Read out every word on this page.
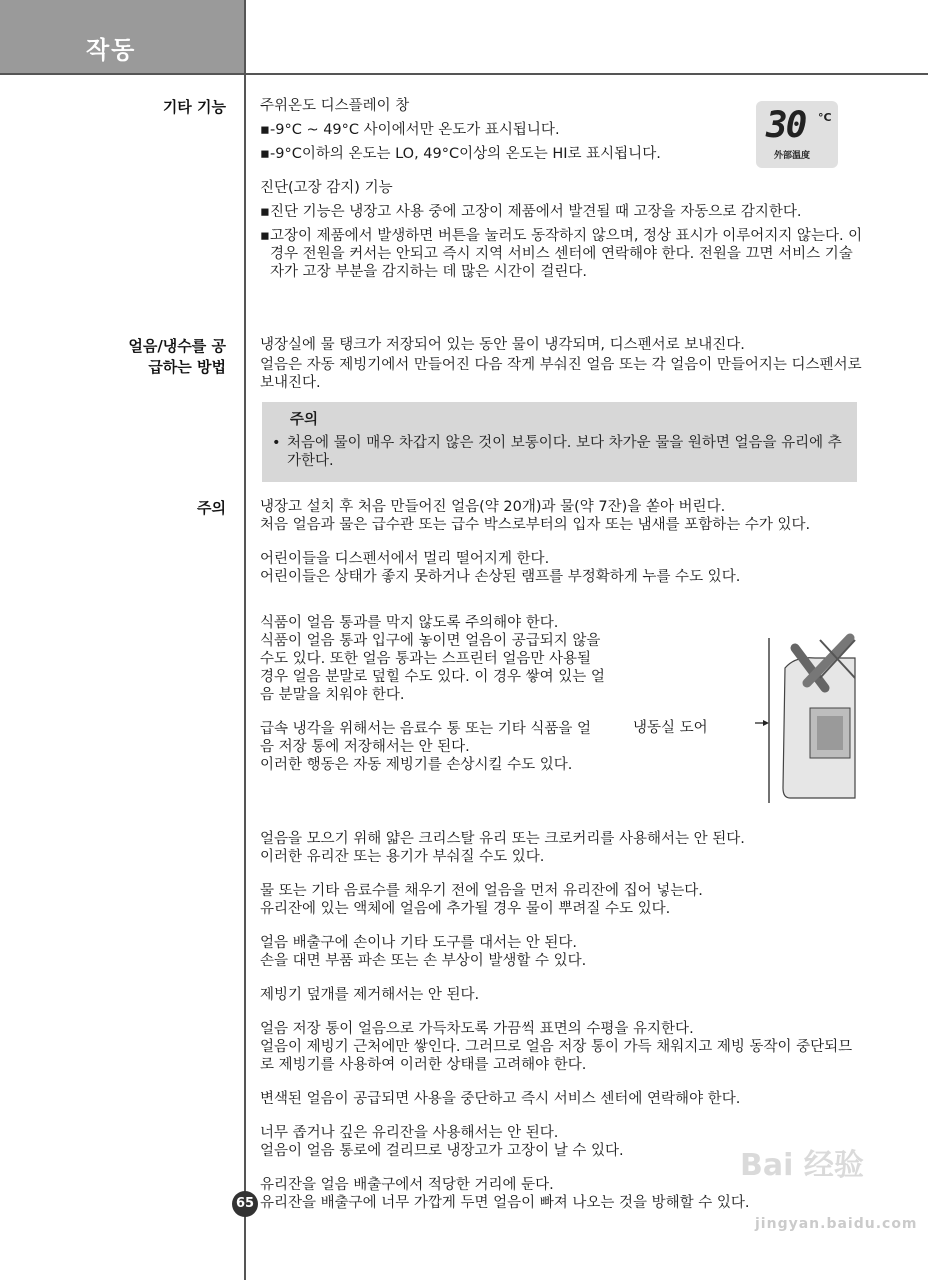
작동
기타 기능 주위온도 디스플레이 창

▪ -9°C ~ 49°C 사이에서만 온도가 표시됩니다.
▪ -9°C이하의 온도는 LO, 49°C이상의 온도는 HI로 표시됩니다.

진단(고장 감지) 기능

▪ 진단 기능은 냉장고 사용 중에 고장이 제품에서 발견될 때 고장을 자동으로 감지한다.
▪ 고장이 제품에서 발생하면 버튼을 눌러도 동작하지 않으며, 정상 표시가 이루어지지 않는다. 이 경우 전원을 커서는 안되고 즉시 지역 서비스 센터에 연락해야 한다. 전원을 끄면 서비스 기술자가 고장 부분을 감지하는 데 많은 시간이 걸린다.
30 °C
外部温度
얼음/냉수를 공
급하는 방법

냉장실에 물 탱크가 저장되어 있는 동안 물이 냉각되며, 디스펜서로 보내진다.

얼음은 자동 제빙기에서 만들어진 다음 작게 부숴진 얼음 또는 각 얼음이 만들어지는 디스펜서로 보내진다.

주의
• 처음에 물이 매우 차갑지 않은 것이 보통이다. 보다 차가운 물을 원하면 얼음을 유리에 추가한다.
주의 냉장고 설치 후 처음 만들어진 얼음(약 20개)과 물(약 7잔)을 쏟아 버린다.

처음 얼음과 물은 급수관 또는 급수 박스로부터의 입자 또는 냄새를 포함하는 수가 있다.

어린이들을 디스펜서에서 멀리 떨어지게 한다.

어린이들은 상태가 좋지 못하거나 손상된 램프를 부정확하게 누를 수도 있다.

식품이 얼음 통과를 막지 않도록 주의해야 한다.

식품이 얼음 통과 입구에 놓이면 얼음이 공급되지 않을 수도 있다. 또한 얼음 통과는 스프린터 얼음만 사용될 경우 얼음 분말로 덮힐 수도 있다. 이 경우 쌓여 있는 얼음 분말을 치워야 한다.

급속 냉각을 위해서는 음료수 통 또는 기타 식품을 얼음 저장 통에 저장해서는 안 된다.

이러한 행동은 자동 제빙기를 손상시킬 수도 있다.

냉동실 도어

얼음을 모으기 위해 얇은 크리스탈 유리 또는 크로커리를 사용해서는 안 된다.

이러한 유리잔 또는 용기가 부숴질 수도 있다.

물 또는 기타 음료수를 채우기 전에 얼음을 먼저 유리잔에 집어 넣는다.

유리잔에 있는 액체에 얼음에 추가될 경우 물이 뿌려질 수도 있다.

얼음 배출구에 손이나 기타 도구를 대서는 안 된다.

손을 대면 부품 파손 또는 손 부상이 발생할 수 있다.

제빙기 덮개를 제거해서는 안 된다.

얼음 저장 통이 얼음으로 가득차도록 가끔씩 표면의 수평을 유지한다.

얼음이 제빙기 근처에만 쌓인다. 그러므로 얼음 저장 통이 가득 채워지고 제빙 동작이 중단되므로 제빙기를 사용하여 이러한 상태를 고려해야 한다.

변색된 얼음이 공급되면 사용을 중단하고 즉시 서비스 센터에 연락해야 한다.

너무 좁거나 깊은 유리잔을 사용해서는 안 된다.

얼음이 얼음 통로에 걸리므로 냉장고가 고장이 날 수 있다.

유리잔을 얼음 배출구에서 적당한 거리에 둔다.

유리잔을 배출구에 너무 가깝게 두면 얼음이 빠져 나오는 것을 방해할 수 있다.

65
Bai 经验
jingyan.baidu.com
